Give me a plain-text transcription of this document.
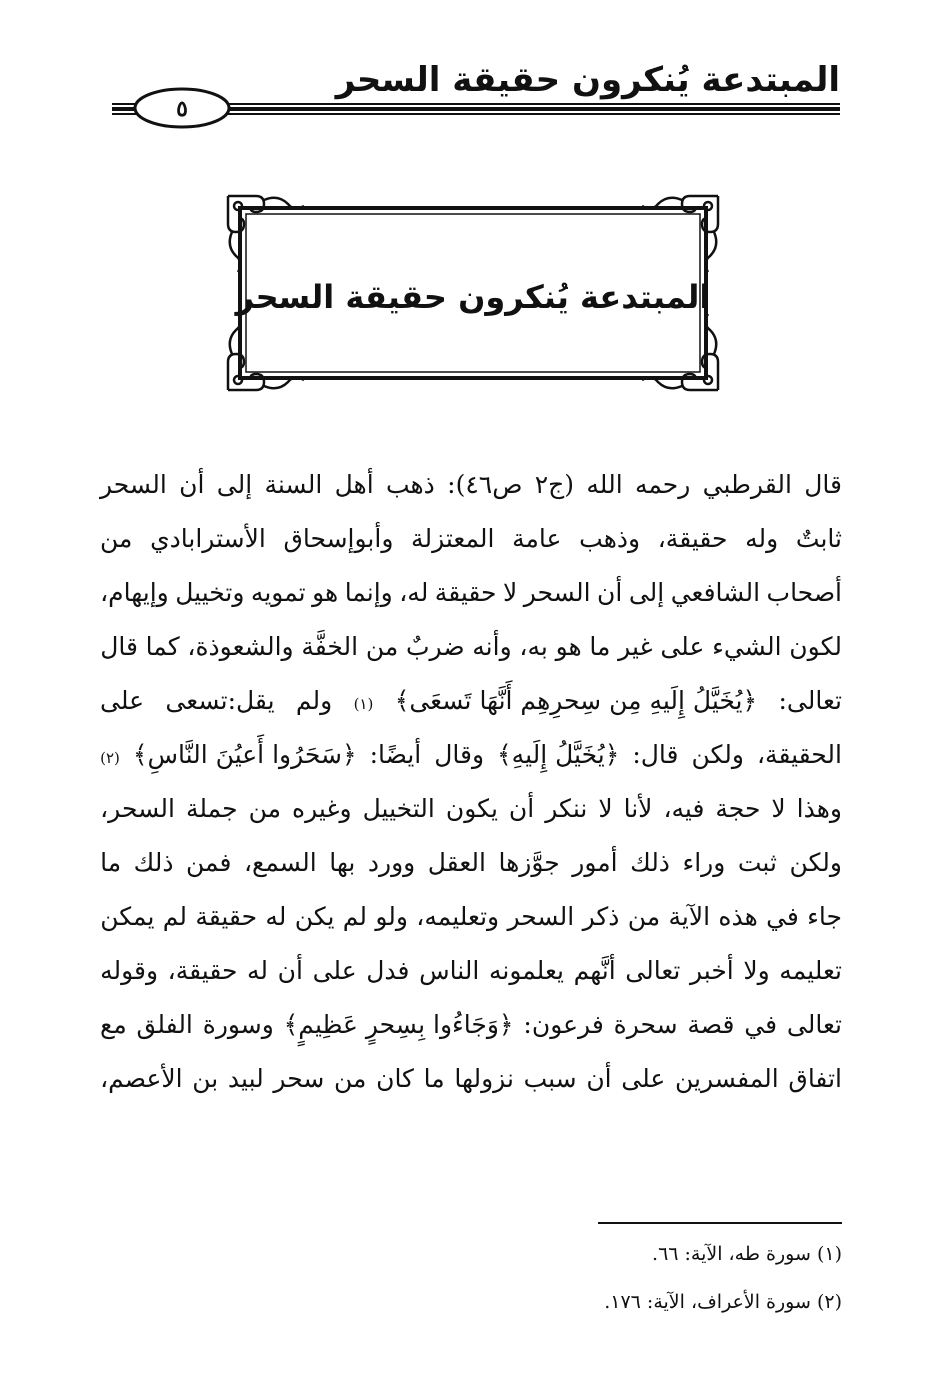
المبتدعة يُنكرون حقيقة السحر
٥
المبتدعة يُنكرون حقيقة السحر
قال
القرطبي
رحمه
الله
(ج٢
ص٤٦):
ذهب
أهل
السنة
إلى
أن
السحر
ثابتٌ
وله
حقيقة،
وذهب
عامة
المعتزلة
وأبوإسحاق
الأسترابادي
من
أصحاب
الشافعي
إلى
أن
السحر
لا
حقيقة
له،
وإنما
هو
تمويه
وتخييل
وإيهام،
لكون
الشيء
على
غير
ما
هو
به،
وأنه
ضربٌ
من
الخفَّة
والشعوذة،
كما
قال
تعالى:
﴿يُخَيَّلُ إِلَيهِ مِن سِحرِهِم أَنَّهَا تَسعَى﴾
(١)
ولم
يقل:تسعى
على
الحقيقة،
ولكن
قال:
﴿يُخَيَّلُ إِلَيهِ﴾
وقال
أيضًا:
﴿سَحَرُوا أَعيُنَ النَّاسِ﴾
(٢)
وهذا
لا
حجة
فيه،
لأنا
لا
ننكر
أن
يكون
التخييل
وغيره
من
جملة
السحر،
ولكن
ثبت
وراء
ذلك
أمور
جوَّزها
العقل
وورد
بها
السمع،
فمن
ذلك
ما
جاء
في
هذه
الآية
من
ذكر
السحر
وتعليمه،
ولو
لم
يكن
له
حقيقة
لم
يمكن
تعليمه
ولا
أخبر
تعالى
أنَّهم
يعلمونه
الناس
فدل
على
أن
له
حقيقة،
وقوله
تعالى
في
قصة
سحرة
فرعون:
﴿وَجَاءُوا بِسِحرٍ عَظِيمٍ﴾
وسورة
الفلق
مع
اتفاق
المفسرين
على
أن
سبب
نزولها
ما
كان
من
سحر
لبيد
بن
الأعصم،
(١) سورة طه، الآية: ٦٦.
(٢) سورة الأعراف، الآية: ١٧٦.
